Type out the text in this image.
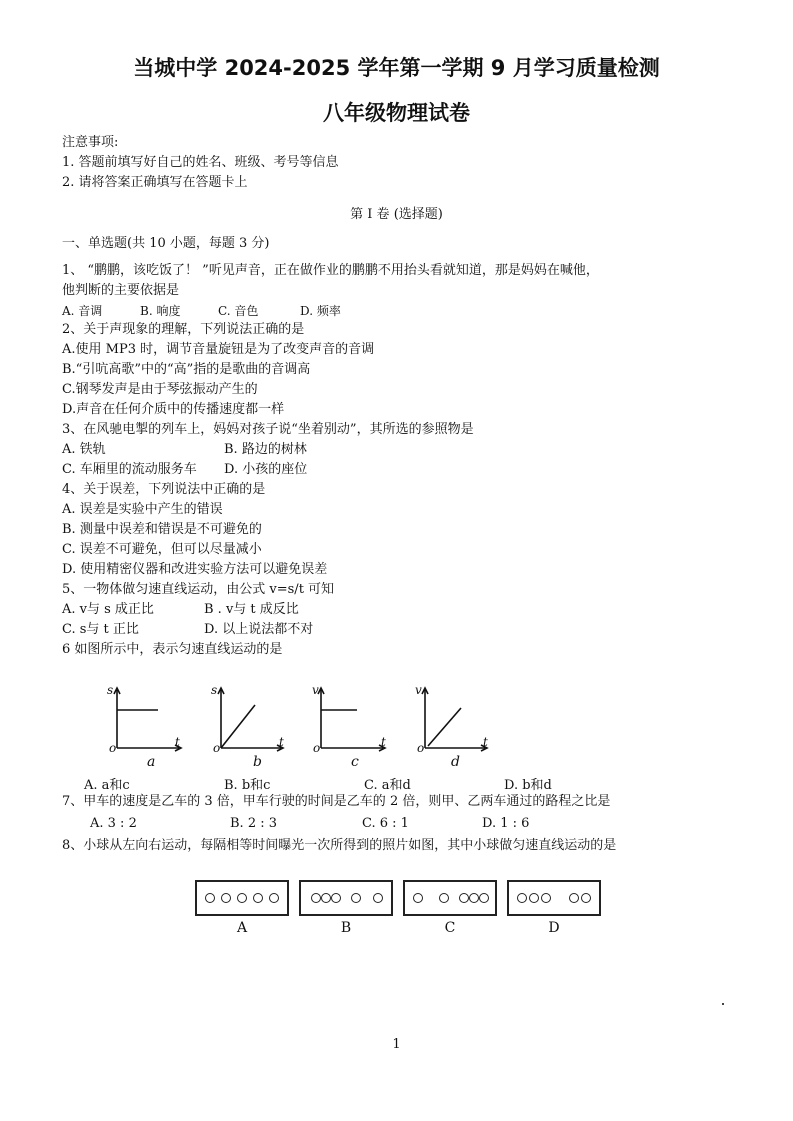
当城中学 2024-2025 学年第一学期 9 月学习质量检测
八年级物理试卷
注意事项:
1. 答题前填写好自己的姓名、班级、考号等信息
2. 请将答案正确填写在答题卡上
第 I 卷 (选择题)
一、单选题(共 10 小题，每题 3 分)
1、 “鹏鹏，该吃饭了！ ”听见声音，正在做作业的鹏鹏不用抬头看就知道，那是妈妈在喊他，
他判断的主要依据是
A. 音调	B. 响度	C. 音色	D. 频率
2、关于声现象的理解，下列说法正确的是
A.使用 MP3 时，调节音量旋钮是为了改变声音的音调
B.“引吭高歌”中的“高”指的是歌曲的音调高
C.钢琴发声是由于琴弦振动产生的
D.声音在任何介质中的传播速度都一样
3、在风驰电掣的列车上，妈妈对孩子说“坐着别动”，其所选的参照物是
A. 铁轨	B. 路边的树林
C. 车厢里的流动服务车 D. 小孩的座位
4、关于误差，下列说法中正确的是
A. 误差是实验中产生的错误
B. 测量中误差和错误是不可避免的
C. 误差不可避免，但可以尽量减小
D. 使用精密仪器和改进实验方法可以避免误差
5、一物体做匀速直线运动，由公式 v=s/t 可知
A. v与 s 成正比	B . v与 t 成反比
C. s与 t 正比	D. 以上说法都不对
6 如图所示中，表示匀速直线运动的是
s	s	v	v
o	o	o	o
t	t	t	t
a	b	c	d
A. a和c	B. b和c	C. a和d	D. b和d
7、甲车的速度是乙车的 3 倍，甲车行驶的时间是乙车的 2 倍，则甲、乙两车通过的路程之比是
A. 3 : 2	B. 2 : 3	C. 6 : 1	D. 1 : 6
8、小球从左向右运动，每隔相等时间曝光一次所得到的照片如图，其中小球做匀速直线运动的是
A	B	C	D
1
